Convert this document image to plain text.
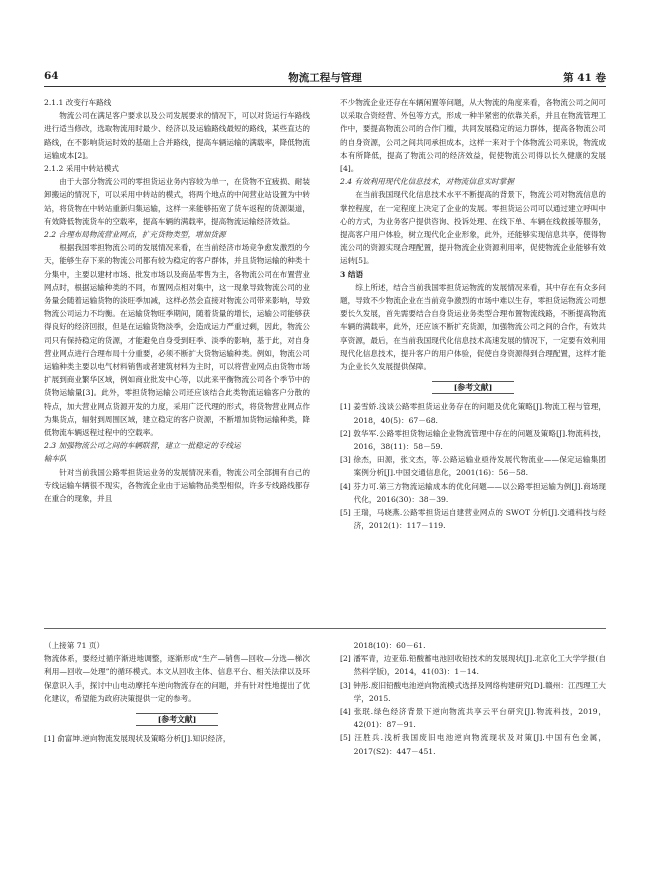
64	物流工程与管理	第 41 卷
2.1.1 改变行车路线

物流公司在满足客户要求以及公司发展要求的情况下，可以对货运行车路线进行适当修改，选取物流用时最少、经济以及运输路线最短的路线，某些直达的路线，在不影响货运时效的基础上合并路线，提高车辆运输的满载率，降低物流运输成本[2]。

2.1.2 采用中转站模式

由于大部分物流公司的零担货运业务内容较为单一，在货物不宜疲损、耐装卸搬运的情况下，可以采用中转站的模式，将两个地点的中间营业站设置为中转站，将货物在中转站重新归集运输，这样一来能够拓宽了货车返程的货源渠道，有效降低物流货车的空载率，提高车辆的满载率，提高物流运输经济效益。

2.2 合理布局物流营业网点，扩充货物类型，增加货源

根据我国零担物流公司的发展情况来看，在当前经济市场竞争愈发激烈的今天，能够生存下来的物流公司都有较为稳定的客户群体，并且货物运输的种类十分集中，主要以建材市场、批发市场以及商品零售为主，各物流公司在布置营业网点时，根据运输种类的不同，布置网点相对集中，这一现象导致物流公司的业务量会随着运输货物的淡旺季加减，这样必然会直接对物流公司带来影响，导致物流公司运力不均衡。在运输货物旺季期间，随着货量的增长，运输公司能够获得良好的经济回报，但是在运输货物淡季，会造成运力严重过剩，因此，物流公司只有保持稳定的货源，才能避免自身受到旺季、淡季的影响，基于此，对自身营业网点进行合理布局十分重要，必须不断扩大货物运输种类。例如，物流公司运输种类主要以电气材料销售或者建筑材料为主时，可以将营业网点由货物市场扩展到商业繁华区域，例如商业批发中心等，以此来平衡物流公司各个季节中的货物运输量[3]。此外，零担货物运输公司还应该结合此类物流运输客户分散的特点，加大营业网点货源开发的力度，采用广泛代理的形式，将货物营业网点作为集货点，辐射到周围区域，建立稳定的客户资源，不断增加货物运输种类，降低物流车辆返程过程中的空载率。

2.3 加强物流公司之间的车辆联营，建立一批稳定的专线运
输车队

针对当前我国公路零担货运业务的发展情况来看，物流公司全部拥有自己的专线运输车辆很不现实，各物流企业由于运输物品类型相似，许多专线路线都存在重合的现象，并且

不少物流企业还存在车辆闲置等问题，从大物流的角度来看，各物流公司之间可以采取合资经营、外包等方式，形成一种半紧密的依靠关系，并且在物流管理工作中，要提高物流公司的合作门槛，共同发展稳定的运力群体，提高各物流公司的自身资源，公司之间共同承担成本，这样一来对于个体物流公司来说，物流成本有所降低，提高了物流公司的经济效益，促使物流公司得以长久健康的发展[4]。

2.4 有效利用现代化信息技术，对物流信息实时掌握

在当前我国现代化信息技术水平不断提高的背景下，物流公司对物流信息的掌控程度，在一定程度上决定了企业的发展。零担货运公司可以通过建立呼叫中心的方式，为业务客户提供咨询、投诉处理、在线下单、车辆在线救援等服务，提高客户用户体验，树立现代化企业形象，此外，还能够实现信息共享，使得物流公司的资源实现合理配置，提升物流企业资源利用率，促使物流企业能够有效运转[5]。

3 结语

综上所述，结合当前我国零担货运物流的发展情况来看，其中存在有众多问题，导致不少物流企业在当前竞争激烈的市场中难以生存，零担货运物流公司想要长久发展，首先需要结合自身货运业务类型合理布置物流线路，不断提高物流车辆的满载率，此外，还应该不断扩充货源，加强物流公司之间的合作，有效共享资源，最后，在当前我国现代化信息技术高速发展的情况下，一定要有效利用现代化信息技术，提升客户的用户体验，促使自身资源得到合理配置，这样才能为企业长久发展提供保障。

[参考文献]

[1] 姜雪娇.浅谈公路零担货运业务存在的问题及优化策略[J].物流工程与管理，2018，40(5)：67－68.

[2] 敦华军.公路零担货物运输企业物流管理中存在的问题及策略[J].物流科技，2016，38(11)：58－59.

[3] 徐杰，田源，张文杰，等.公路运输业亟待发展代物流业——保定运输集团案例分析[J].中国交通信息化，2001(16)：56－58.

[4] 芬力可.第三方物流运输成本的优化问题——以公路零担运输为例[J].商场现代化，2016(30)：38－39.

[5] 王瑞，马晓燕.公路零担货运自建营业网点的 SWOT 分析[J].交通科技与经济，2012(1)：117－119.

（上接第 71 页）

物流体系，要经过循序渐进地调整，逐渐形成“生产—销售—回收—分选—梯次利用—回收—处理”的循环模式。本文从回收主体、信息平台、相关法律以及环保意识入手，探讨中山电动摩托车逆向物流存在的问题，并有针对性地提出了优化建议，希望能为政府决策提供一定的参考。

[参考文献]

[1] 俞富坤.逆向物流发展现状及策略分析[J].知识经济，

2018(10)：60－61.

[2] 潘军青，边亚茹.铅酸蓄电池回收铅技术的发展现状[J].北京化工大学学报(自然科学版)，2014，41(03)：1－14.

[3] 钟彤.废旧铅酸电池逆向物流模式选择及网络构建研究[D].赣州：江西理工大学，2015.

[4] 张珉.绿色经济背景下逆向物流共享云平台研究[J].物流科技，2019，42(01)：87－91.

[5] 汪胜兵.浅析我国废旧电池逆向物流现状及对策[J].中国有色金属，2017(S2)：447－451.
